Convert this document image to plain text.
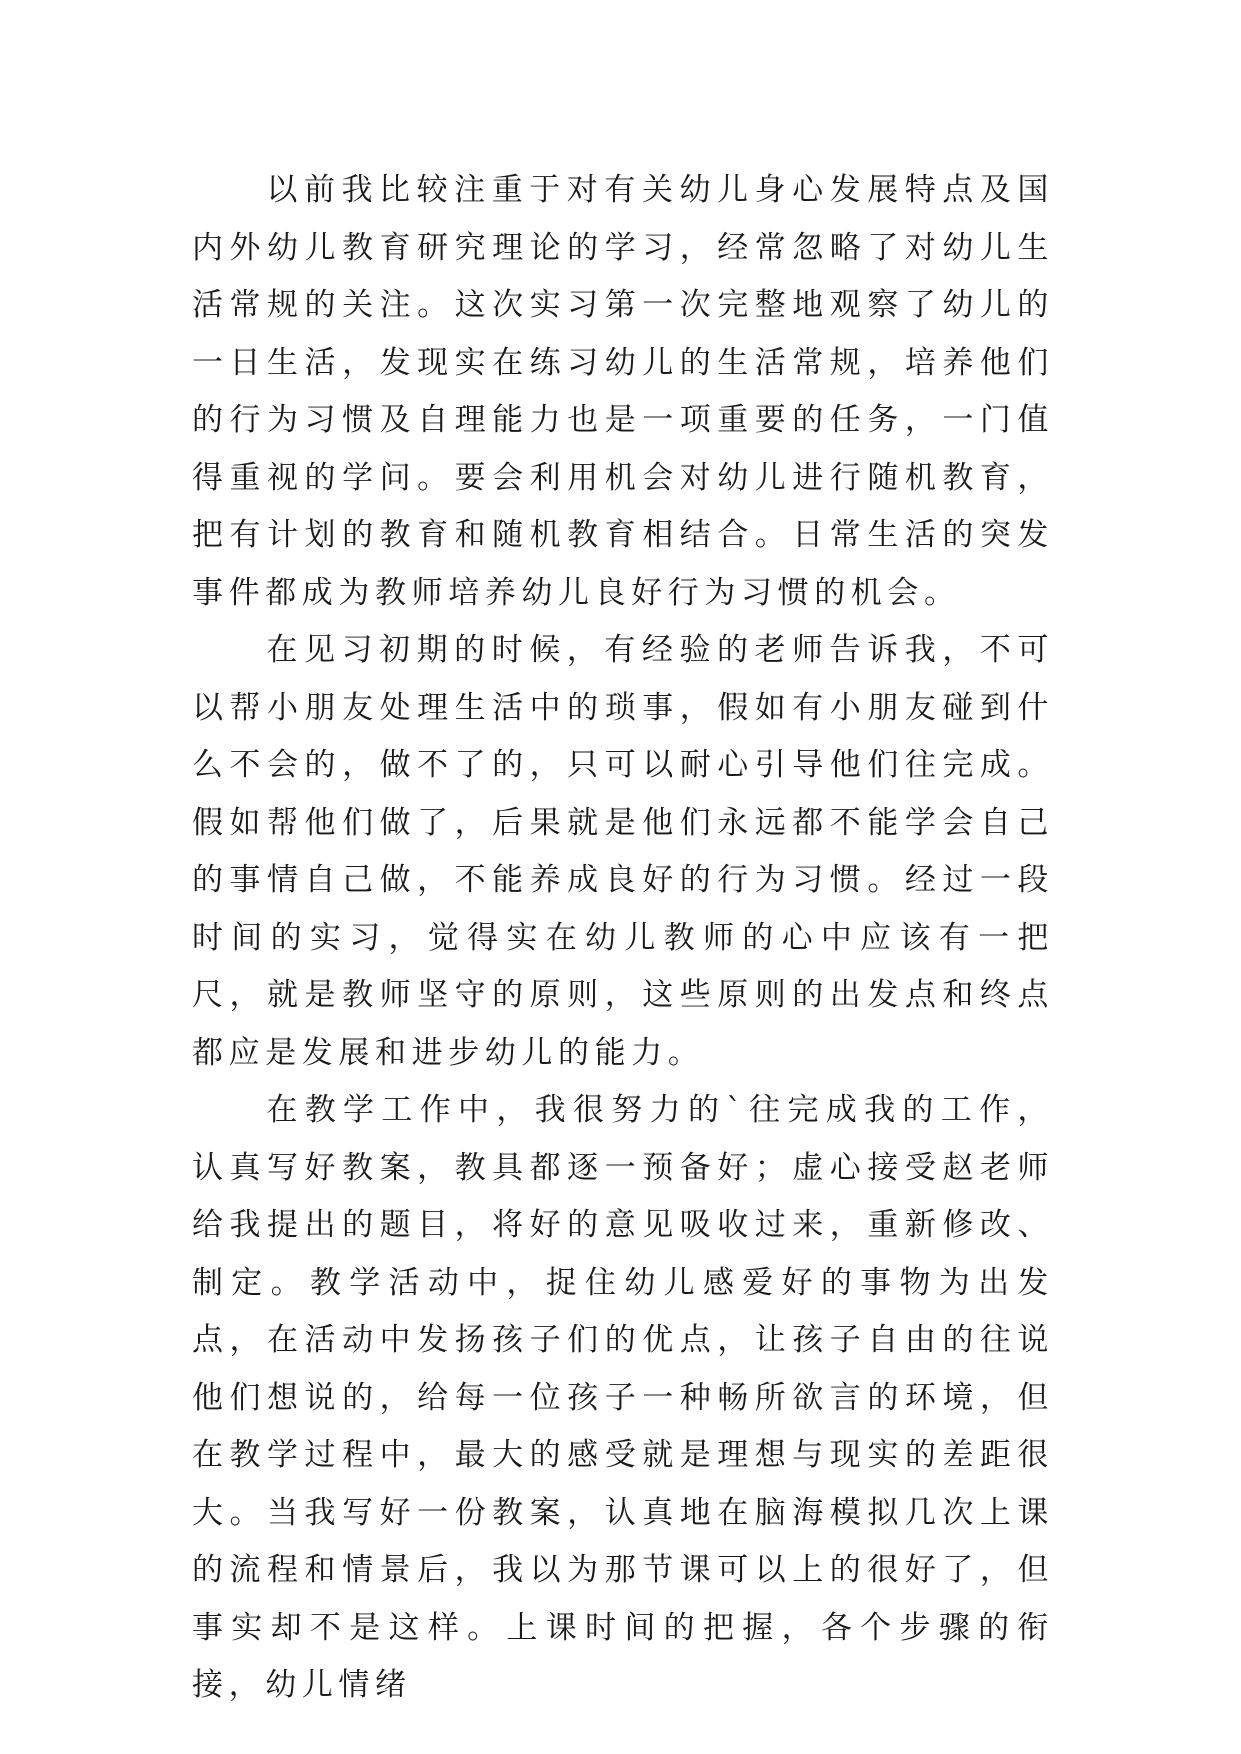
以前我比较注重于对有关幼儿身心发展特点及国内外幼儿教育研究理论的学习，经常忽略了对幼儿生活常规的关注。这次实习第一次完整地观察了幼儿的一日生活，发现实在练习幼儿的生活常规，培养他们的行为习惯及自理能力也是一项重要的任务，一门值得重视的学问。要会利用机会对幼儿进行随机教育，把有计划的教育和随机教育相结合。日常生活的突发事件都成为教师培养幼儿良好行为习惯的机会。

在见习初期的时候，有经验的老师告诉我，不可以帮小朋友处理生活中的琐事，假如有小朋友碰到什么不会的，做不了的，只可以耐心引导他们往完成。假如帮他们做了，后果就是他们永远都不能学会自己的事情自己做，不能养成良好的行为习惯。经过一段时间的实习，觉得实在幼儿教师的心中应该有一把尺，就是教师坚守的原则，这些原则的出发点和终点都应是发展和进步幼儿的能力。

在教学工作中，我很努力的`往完成我的工作，认真写好教案，教具都逐一预备好；虚心接受赵老师给我提出的题目，将好的意见吸收过来，重新修改、制定。教学活动中，捉住幼儿感爱好的事物为出发点，在活动中发扬孩子们的优点，让孩子自由的往说他们想说的，给每一位孩子一种畅所欲言的环境，但在教学过程中，最大的感受就是理想与现实的差距很大。当我写好一份教案，认真地在脑海模拟几次上课的流程和情景后，我以为那节课可以上的很好了，但事实却不是这样。上课时间的把握，各个步骤的衔接，幼儿情绪
